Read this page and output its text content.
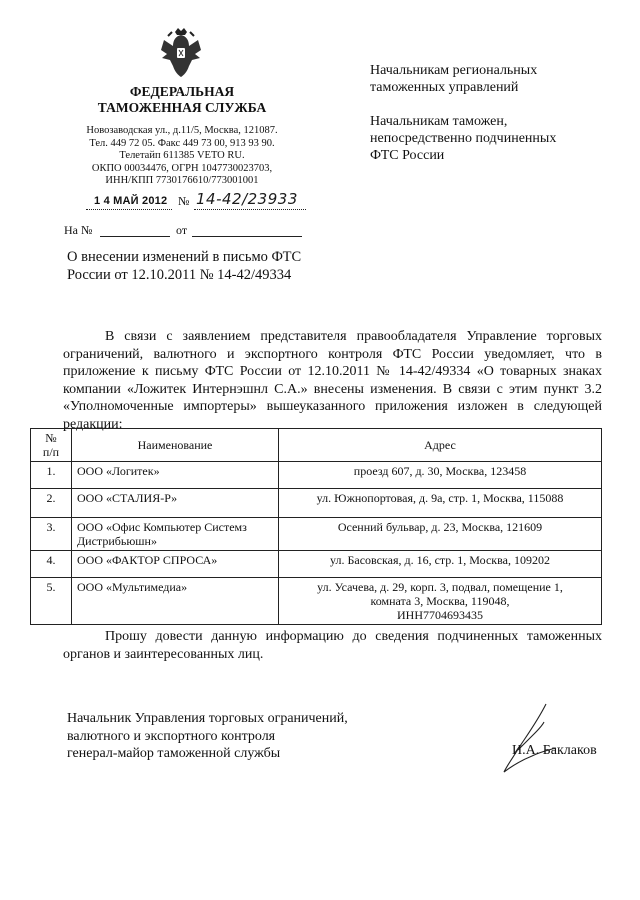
ФЕДЕРАЛЬНАЯ
ТАМОЖЕННАЯ СЛУЖБА
Новозаводская ул., д.11/5, Москва, 121087.
Тел. 449 72 05. Факс 449 73 00, 913 93 90.
Телетайп 611385 VETO RU.
ОКПО 00034476, ОГРН 1047730023703,
ИНН/КПП 7730176610/773001001
1 4 МАЙ 2012 № 14-42/23933
На №	от

Начальникам региональных
таможенных управлений

Начальникам таможен,
непосредственно подчиненных
ФТС России

О внесении изменений в письмо ФТС
России от 12.10.2011 № 14-42/49334
В связи с заявлением представителя правообладателя Управление торговых ограничений, валютного и экспортного контроля ФТС России уведомляет, что в приложение к письму ФТС России от 12.10.2011 № 14-42/49334 «О товарных знаках компании «Ложитек Интернэшнл С.А.» внесены изменения. В связи с этим пункт 3.2 «Уполномоченные импортеры» вышеуказанного приложения изложен в следующей редакции:
№
п/п	Наименование	Адрес
1.	ООО «Логитек»	проезд 607, д. 30, Москва, 123458
2.	ООО «СТАЛИЯ-Р»	ул. Южнопортовая, д. 9а, стр. 1, Москва, 115088
3.	ООО «Офис Компьютер Системз Дистрибьюшн»	Осенний бульвар, д. 23, Москва, 121609
4.	ООО «ФАКТОР СПРОСА»	ул. Басовская, д. 16, стр. 1, Москва, 109202
5.	ООО «Мультимедиа»	ул. Усачева, д. 29, корп. 3, подвал, помещение 1,
комната 3, Москва, 119048,
ИНН7704693435
Прошу довести данную информацию до сведения подчиненных таможенных органов и заинтересованных лиц.
Начальник Управления торговых ограничений,
валютного и экспортного контроля
генерал-майор таможенной службы	И.А. Баклаков
